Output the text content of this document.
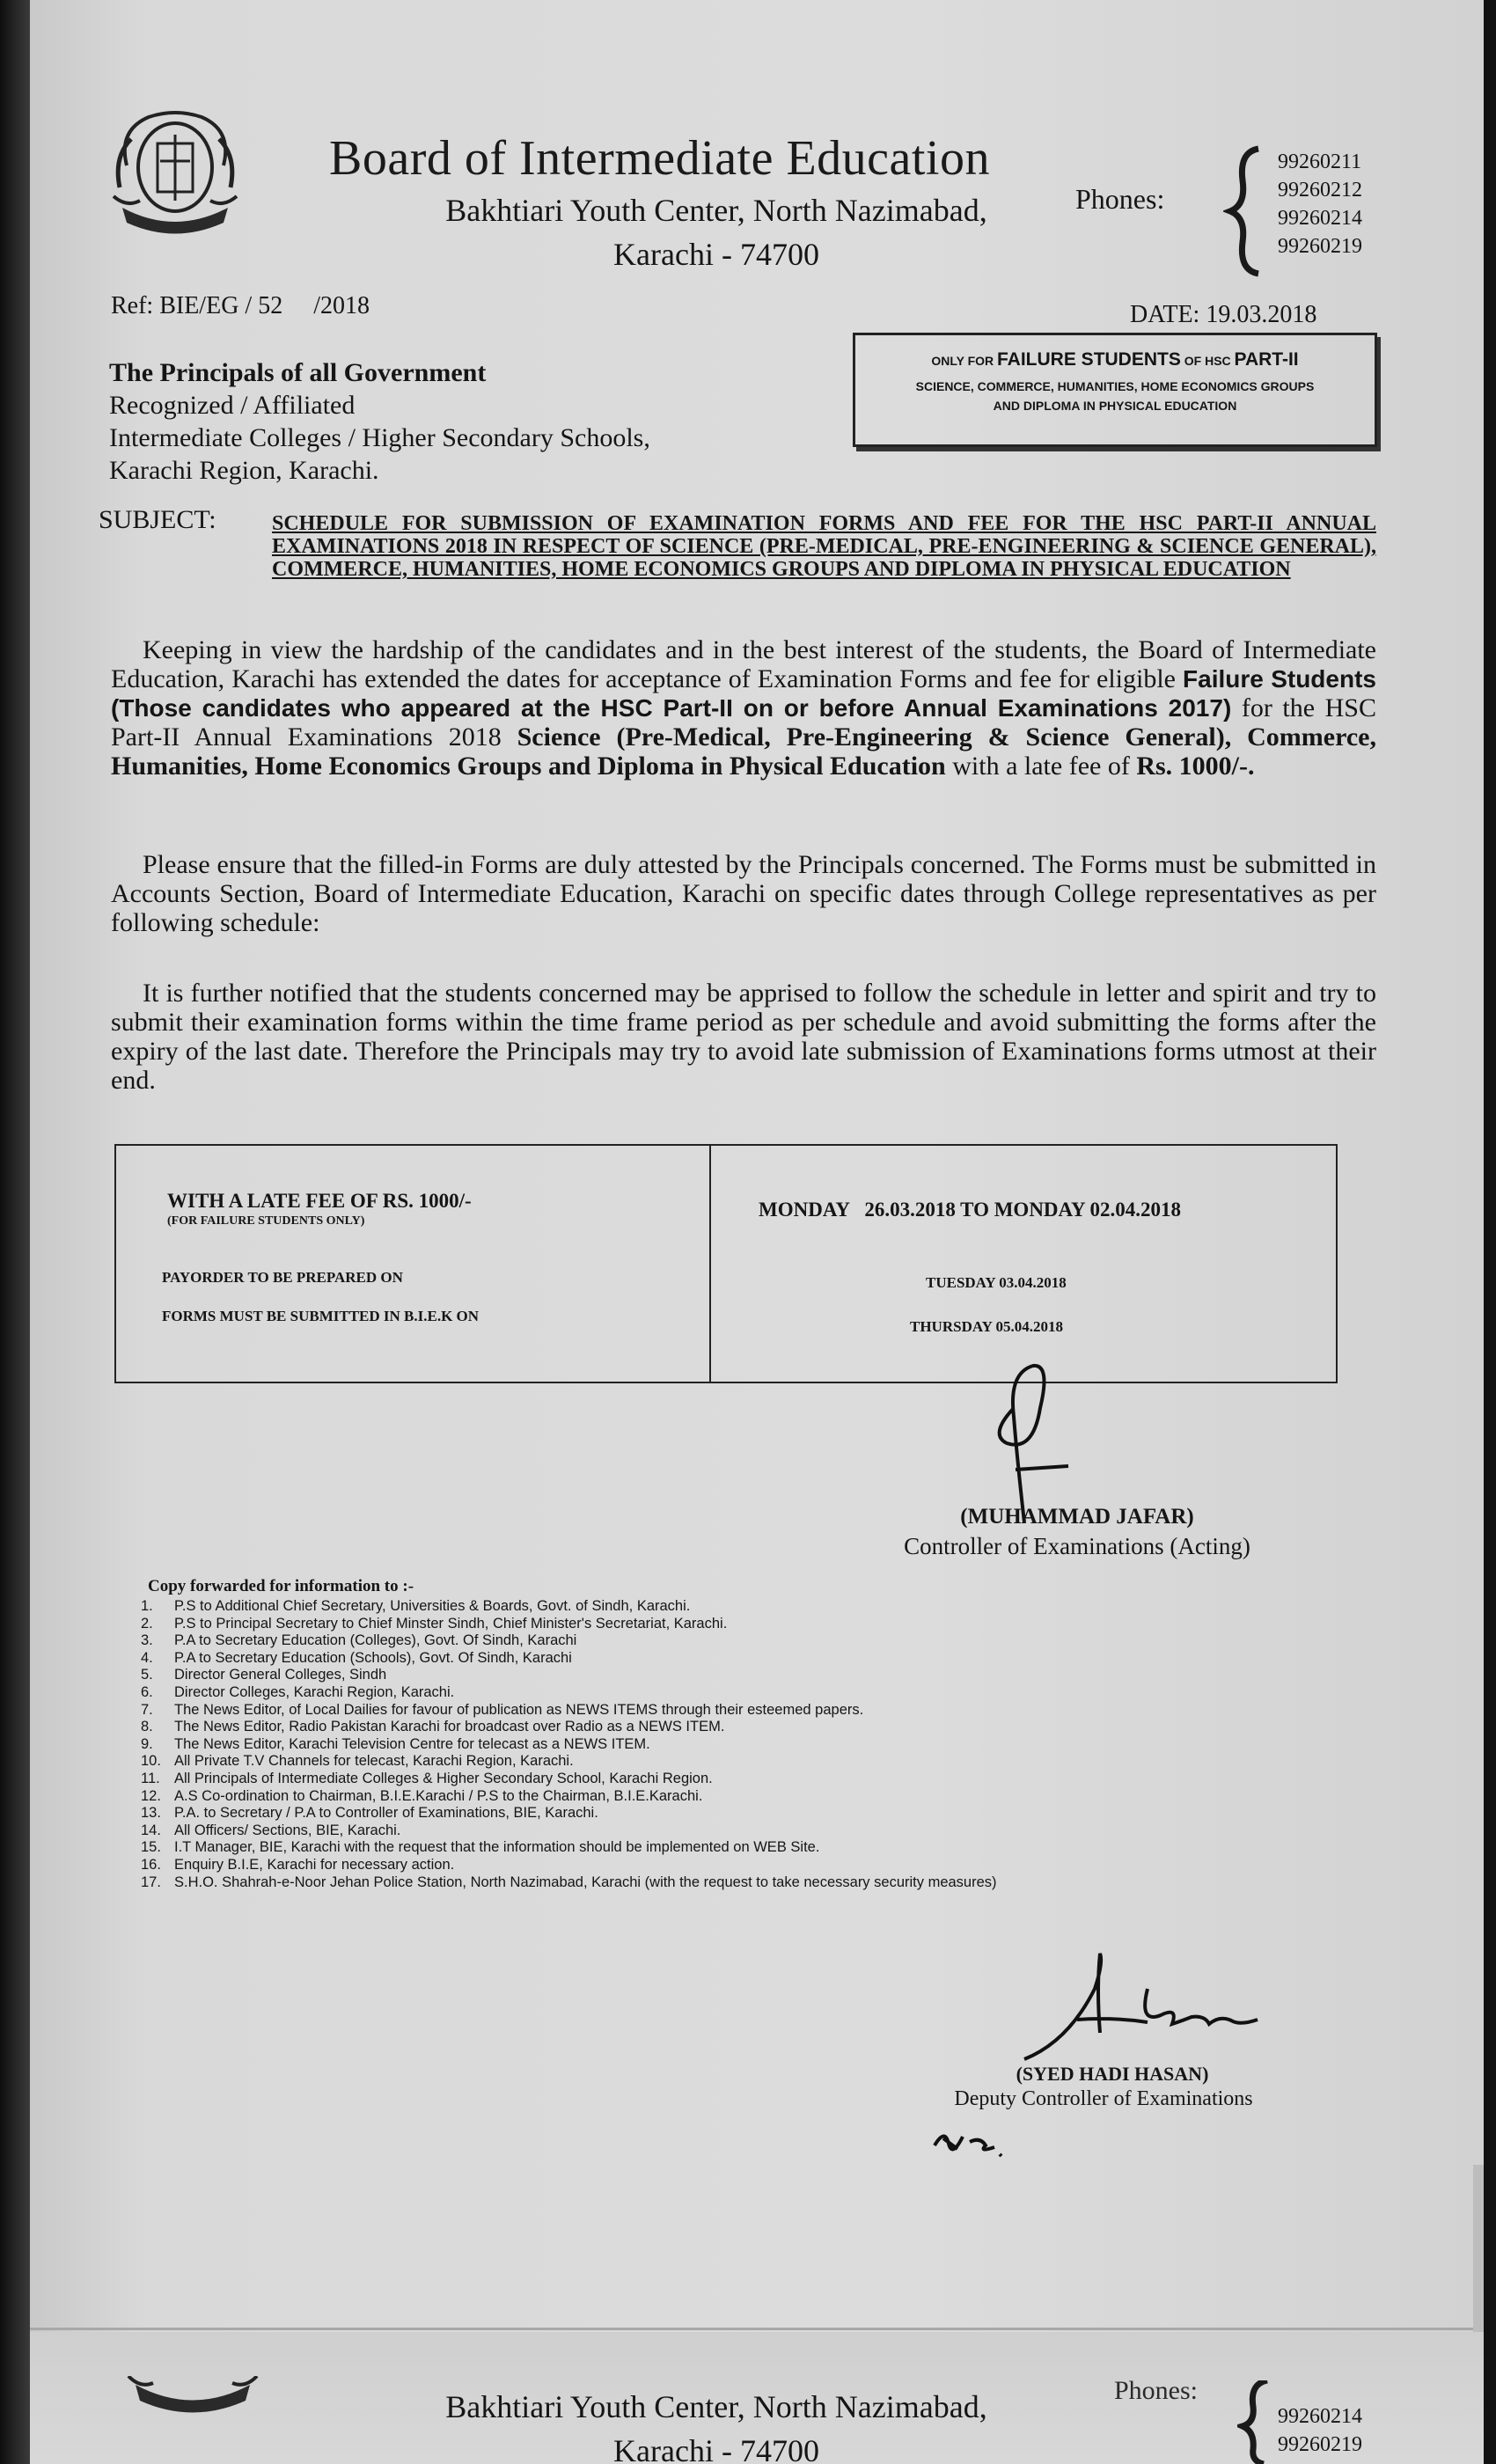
Board of Intermediate Education
Bakhtiari Youth Center, North Nazimabad,
Karachi - 74700
Phones:
99260211
99260212
99260214
99260219
Ref: BIE/EG / 52     /2018	DATE: 19.03.2018
ONLY FOR FAILURE STUDENTS OF HSC PART-II
SCIENCE, COMMERCE, HUMANITIES, HOME ECONOMICS GROUPS
AND DIPLOMA IN PHYSICAL EDUCATION
The Principals of all Government
Recognized / Affiliated
Intermediate Colleges / Higher Secondary Schools,
Karachi Region, Karachi.
SUBJECT:	SCHEDULE FOR SUBMISSION OF EXAMINATION FORMS AND FEE FOR THE HSC PART-II ANNUAL EXAMINATIONS 2018 IN RESPECT OF SCIENCE (PRE-MEDICAL, PRE-ENGINEERING & SCIENCE GENERAL), COMMERCE, HUMANITIES, HOME ECONOMICS GROUPS AND DIPLOMA IN PHYSICAL EDUCATION
Keeping in view the hardship of the candidates and in the best interest of the students, the Board of Intermediate Education, Karachi has extended the dates for acceptance of Examination Forms and fee for eligible Failure Students (Those candidates who appeared at the HSC Part-II on or before Annual Examinations 2017) for the HSC Part-II Annual Examinations 2018 Science (Pre-Medical, Pre-Engineering & Science General), Commerce, Humanities, Home Economics Groups and Diploma in Physical Education with a late fee of Rs. 1000/-.
Please ensure that the filled-in Forms are duly attested by the Principals concerned. The Forms must be submitted in Accounts Section, Board of Intermediate Education, Karachi on specific dates through College representatives as per following schedule:
It is further notified that the students concerned may be apprised to follow the schedule in letter and spirit and try to submit their examination forms within the time frame period as per schedule and avoid submitting the forms after the expiry of the last date. Therefore the Principals may try to avoid late submission of Examinations forms utmost at their end.
WITH A LATE FEE OF RS. 1000/-
(FOR FAILURE STUDENTS ONLY)
PAYORDER TO BE PREPARED ON
FORMS MUST BE SUBMITTED IN B.I.E.K ON
MONDAY   26.03.2018 TO MONDAY 02.04.2018
TUESDAY 03.04.2018
THURSDAY 05.04.2018
(MUHAMMAD JAFAR)
Controller of Examinations (Acting)
Copy forwarded for information to :-
1. P.S to Additional Chief Secretary, Universities & Boards, Govt. of Sindh, Karachi.
2. P.S to Principal Secretary to Chief Minster Sindh, Chief Minister's Secretariat, Karachi.
3. P.A to Secretary Education (Colleges), Govt. Of Sindh, Karachi
4. P.A to Secretary Education (Schools), Govt. Of Sindh, Karachi
5. Director General Colleges, Sindh
6. Director Colleges, Karachi Region, Karachi.
7. The News Editor, of Local Dailies for favour of publication as NEWS ITEMS through their esteemed papers.
8. The News Editor, Radio Pakistan Karachi for broadcast over Radio as a NEWS ITEM.
9. The News Editor, Karachi Television Centre for telecast as a NEWS ITEM.
10. All Private T.V Channels for telecast, Karachi Region, Karachi.
11. All Principals of Intermediate Colleges & Higher Secondary School, Karachi Region.
12. A.S Co-ordination to Chairman, B.I.E.Karachi / P.S to the Chairman, B.I.E.Karachi.
13. P.A. to Secretary / P.A to Controller of Examinations, BIE, Karachi.
14. All Officers/ Sections, BIE, Karachi.
15. I.T Manager, BIE, Karachi with the request that the information should be implemented on WEB Site.
16. Enquiry B.I.E, Karachi for necessary action.
17. S.H.O. Shahrah-e-Noor Jehan Police Station, North Nazimabad, Karachi (with the request to take necessary security measures)
(SYED HADI HASAN)
Deputy Controller of Examinations
Bakhtiari Youth Center, North Nazimabad,
Karachi - 74700
Phones:
99260214
99260219
